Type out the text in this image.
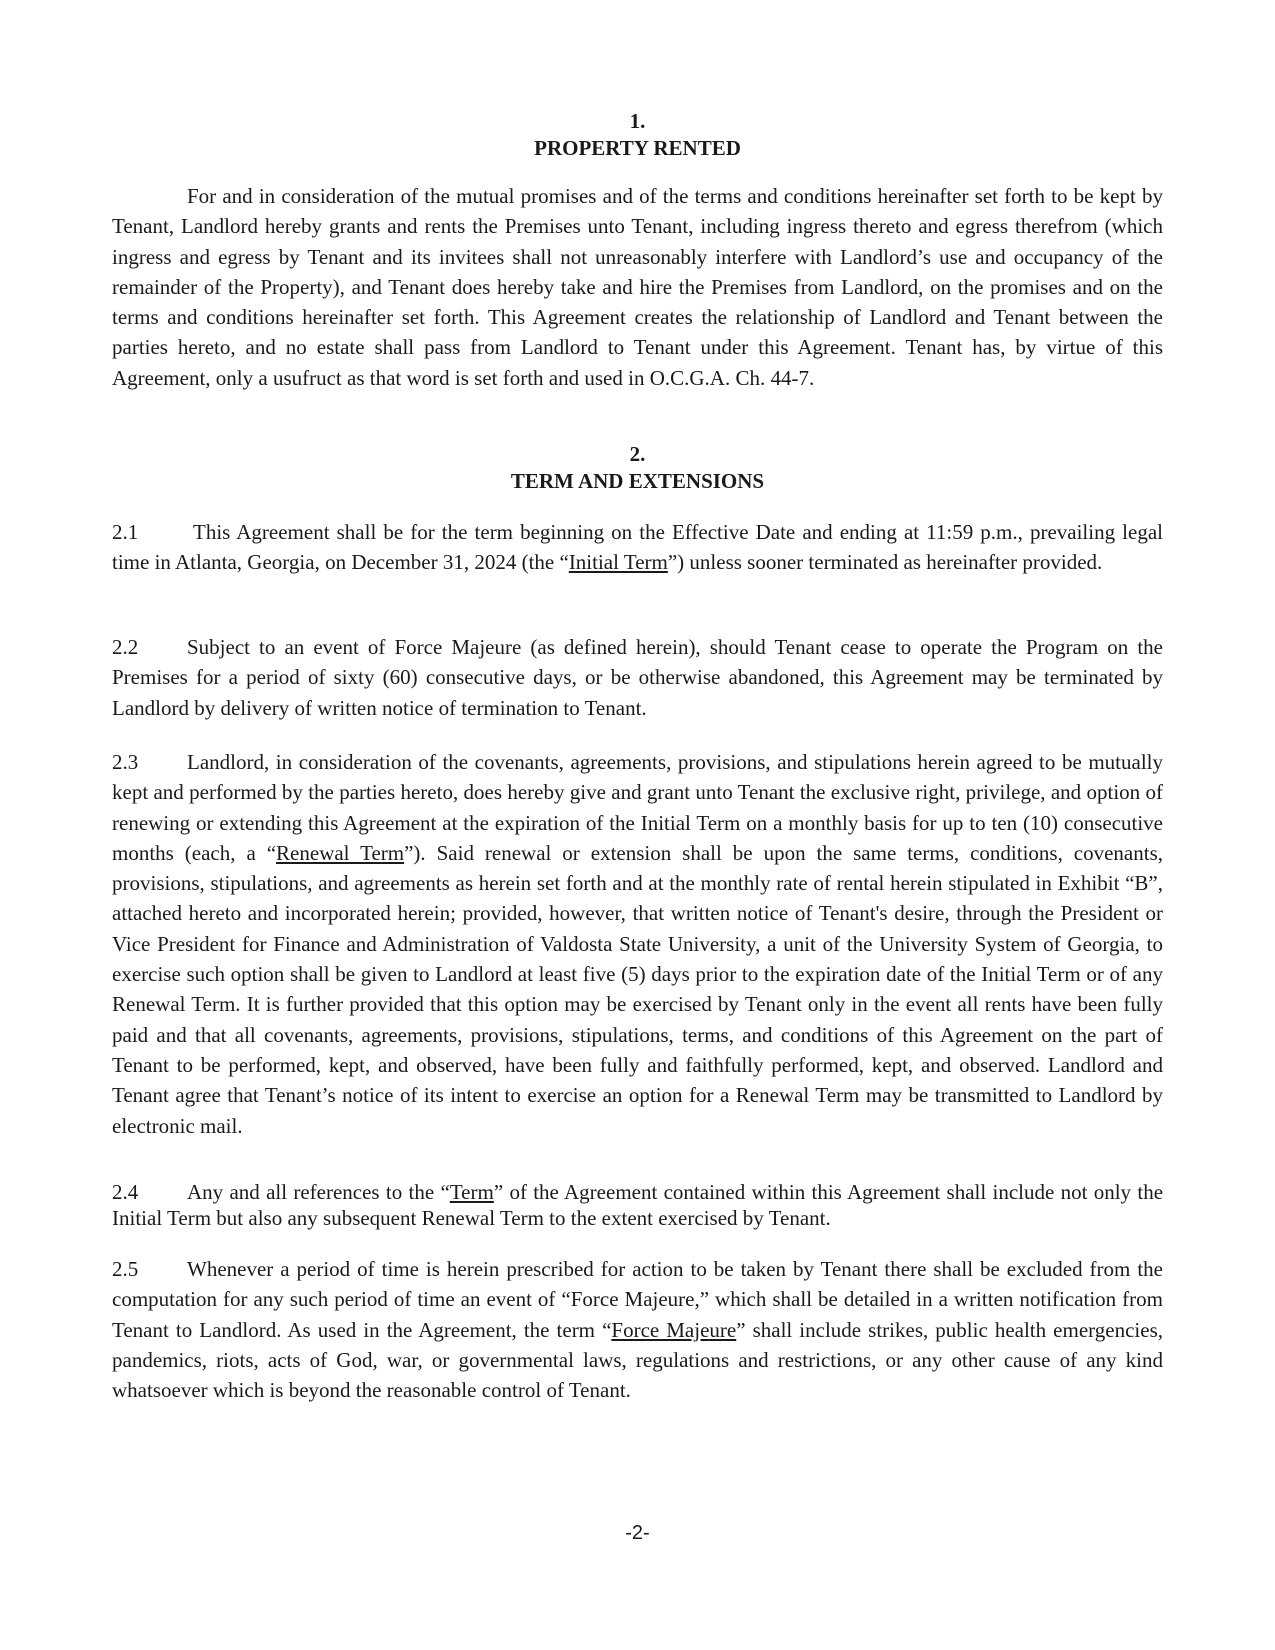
1.
PROPERTY RENTED

For and in consideration of the mutual promises and of the terms and conditions hereinafter set forth to be kept by Tenant, Landlord hereby grants and rents the Premises unto Tenant, including ingress thereto and egress therefrom (which ingress and egress by Tenant and its invitees shall not unreasonably interfere with Landlord’s use and occupancy of the remainder of the Property), and Tenant does hereby take and hire the Premises from Landlord, on the promises and on the terms and conditions hereinafter set forth. This Agreement creates the relationship of Landlord and Tenant between the parties hereto, and no estate shall pass from Landlord to Tenant under this Agreement. Tenant has, by virtue of this Agreement, only a usufruct as that word is set forth and used in O.C.G.A. Ch. 44-7.

2.
TERM AND EXTENSIONS

2.1	This Agreement shall be for the term beginning on the Effective Date and ending at 11:59 p.m., prevailing legal time in Atlanta, Georgia, on December 31, 2024 (the “Initial Term”) unless sooner terminated as hereinafter provided.

2.2 Subject to an event of Force Majeure (as defined herein), should Tenant cease to operate the Program on the Premises for a period of sixty (60) consecutive days, or be otherwise abandoned, this Agreement may be terminated by Landlord by delivery of written notice of termination to Tenant.

2.3 Landlord, in consideration of the covenants, agreements, provisions, and stipulations herein agreed to be mutually kept and performed by the parties hereto, does hereby give and grant unto Tenant the exclusive right, privilege, and option of renewing or extending this Agreement at the expiration of the Initial Term on a monthly basis for up to ten (10) consecutive months (each, a “Renewal Term”). Said renewal or extension shall be upon the same terms, conditions, covenants, provisions, stipulations, and agreements as herein set forth and at the monthly rate of rental herein stipulated in Exhibit “B”, attached hereto and incorporated herein; provided, however, that written notice of Tenant's desire, through the President or Vice President for Finance and Administration of Valdosta State University, a unit of the University System of Georgia, to exercise such option shall be given to Landlord at least five (5) days prior to the expiration date of the Initial Term or of any Renewal Term. It is further provided that this option may be exercised by Tenant only in the event all rents have been fully paid and that all covenants, agreements, provisions, stipulations, terms, and conditions of this Agreement on the part of Tenant to be performed, kept, and observed, have been fully and faithfully performed, kept, and observed. Landlord and Tenant agree that Tenant’s notice of its intent to exercise an option for a Renewal Term may be transmitted to Landlord by electronic mail.

2.4 Any and all references to the “Term” of the Agreement contained within this Agreement shall include not only the Initial Term but also any subsequent Renewal Term to the extent exercised by Tenant.

2.5 Whenever a period of time is herein prescribed for action to be taken by Tenant there shall be excluded from the computation for any such period of time an event of “Force Majeure,” which shall be detailed in a written notification from Tenant to Landlord. As used in the Agreement, the term “Force Majeure” shall include strikes, public health emergencies, pandemics, riots, acts of God, war, or governmental laws, regulations and restrictions, or any other cause of any kind whatsoever which is beyond the reasonable control of Tenant.

-2-
